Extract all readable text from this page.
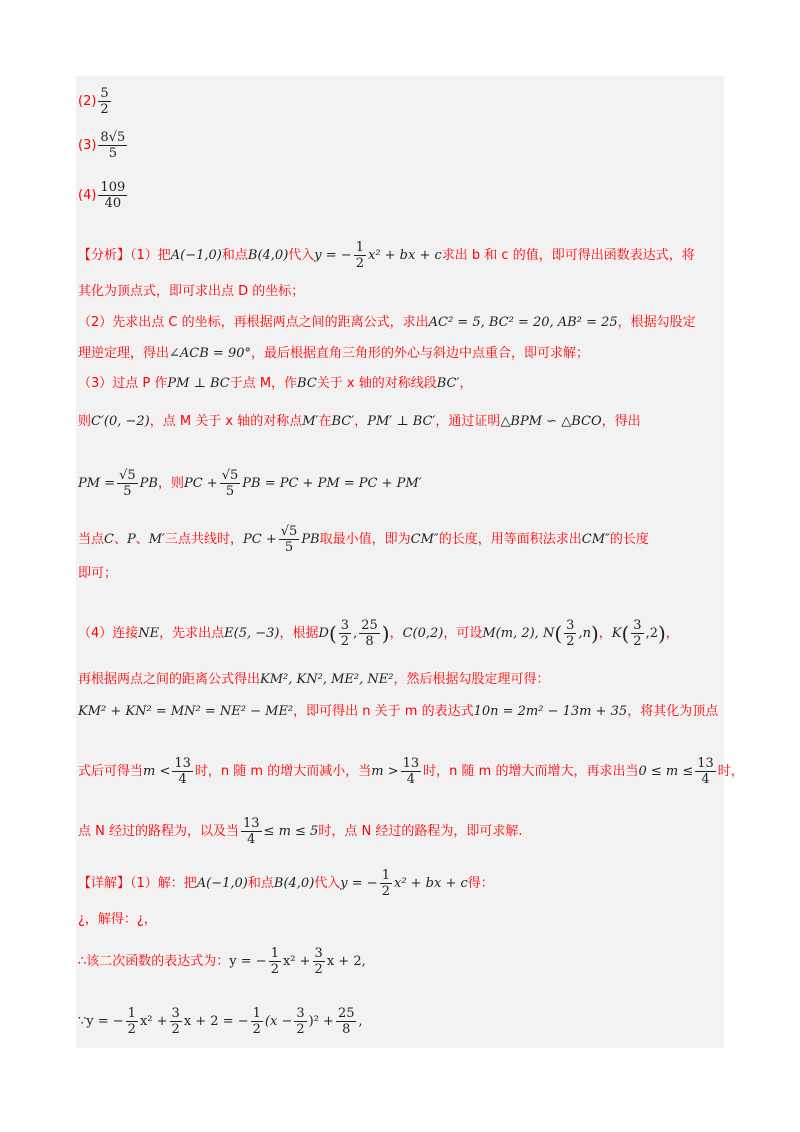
$(2) \frac{5}{2}$
$(3) \frac{8√5}{5}$
$(4) \frac{109}{40}$
【分析】（1）把A(−1,0)和点B(4,0)代入y = − $\frac{1}{2} x^2$ + bx + c求出 b 和 c 的值，即可得出函数表达式，将
其化为顶点式，即可求出点 D 的坐标；
（2）先求出点 C 的坐标，再根据两点之间的距离公式，求出AC² = 5, BC² = 20, AB² = 25，根据勾股定
理逆定理，得出∠ACB = 90°，最后根据直角三角形的外心与斜边中点重合，即可求解；
（3）过点 P 作PM ⊥ BC于点 M，作BC关于 x 轴的对称线段BC′，
则C′(0, −2)，点 M 关于 x 轴的对称点M′在BC′，PM′ ⊥ BC′，通过证明△BPM ∽ △BCO，得出
PM = $\frac{√5}{5}$ PB，则PC + $\frac{√5}{5}$ PB = PC + PM = PC + PM′
当点C、P、M′三点共线时，PC + $\frac{√5}{5}$ PB取最小值，即为CM″的长度，用等面积法求出CM″的长度
即可；
（4）连接NE，先求出点E(5, −3)，根据$D( \frac{3}{2}$ , $\frac{25}{8}$ )，C(0,2)，可设M(m, 2), $N( \frac{3}{2} ,n)$，$K( \frac{3}{2} ,2)$，
再根据两点之间的距离公式得出KM², KN², ME², NE²，然后根据勾股定理可得：
KM² + KN² = MN² = NE² − ME²，即可得出 n 关于 m 的表达式10n = 2m² − 13m + 35，将其化为顶点
式后可得当$m < \frac{13}{4}$ 时，n 随 m 的增大而减小，当$m > \frac{13}{4}$ 时，n 随 m 的增大而增大，再求出当$0 \le m \le \frac{13}{4}$ 时，
点 N 经过的路程为，以及当 $\frac{13}{4} \le m \le 5$时，点 N 经过的路程为，即可求解.
【详解】（1）解：把A(−1,0)和点B(4,0)代入y = − $\frac{1}{2} x^2$ + bx + c得：
¿，解得：¿，
∴该二次函数的表达式为：y = − $\frac{1}{2} x^2 + \frac{3}{2}$ x + 2,
∵y = − $\frac{1}{2} x^2 + \frac{3}{2}$ x + 2 = − $\frac{1}{2} (x - \frac{3}{2} )^2 + \frac{25}{8}$ ,
